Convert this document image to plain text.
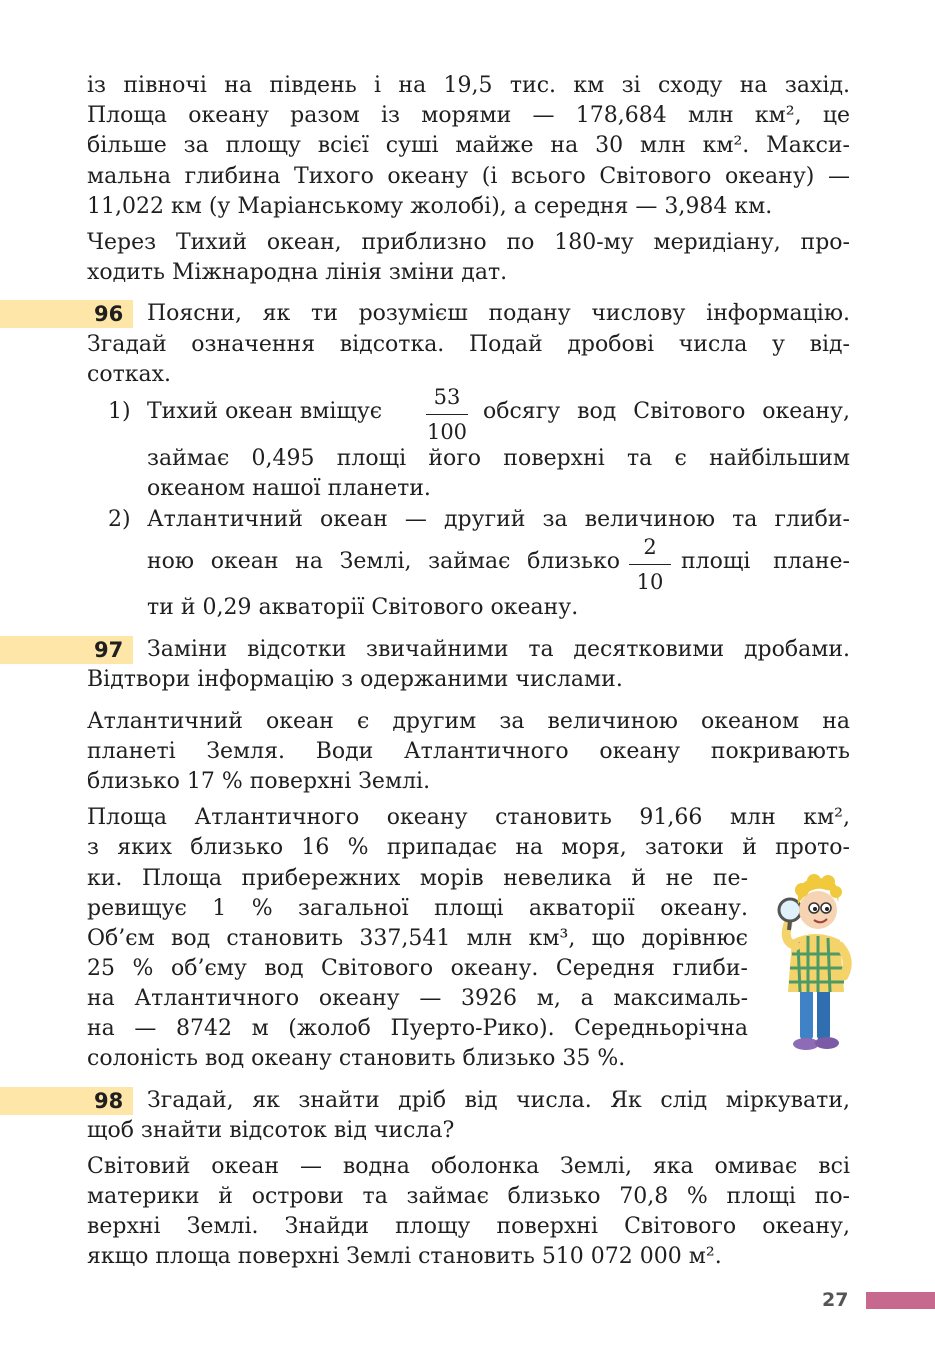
із півночі на південь і на 19,5 тис. км зі сходу на захід.
Площа океану разом із морями — 178,684 млн км², це
більше за площу всієї суші майже на 30 млн км². Макси-
мальна глибина Тихого океану (і всього Світового океану) —
11,022 км (у Маріанському жолобі), а середня — 3,984 км.
Через Тихий океан, приблизно по 180-му меридіану, про-
ходить Міжнародна лінія зміни дат.
96	Поясни, як ти розумієш подану числову інформацію.
Згадай означення відсотка. Подай дробові числа у від-
сотках.
1) Тихий океан вміщує
53
100
обсягу вод Світового океану,
займає 0,495 площі його поверхні та є найбільшим
океаном нашої планети.
2) Атлантичний океан — другий за величиною та глиби-
ною океан на Землі, займає близько
2
10
площі плане-
ти й 0,29 акваторії Світового океану.
97	Заміни відсотки звичайними та десятковими дробами.
Відтвори інформацію з одержаними числами.
Атлантичний океан є другим за величиною океаном на
планеті Земля. Води Атлантичного океану покривають
близько 17 % поверхні Землі.
Площа Атлантичного океану становить 91,66 млн км²,
з яких близько 16 % припадає на моря, затоки й прото-
ки. Площа прибережних морів невелика й не пе-
ревищує 1 % загальної площі акваторії океану.
Об’єм вод становить 337,541 млн км³, що дорівнює
25 % об’єму вод Світового океану. Середня глиби-
на Атлантичного океану — 3926 м, а максималь-
на — 8742 м (жолоб Пуерто-Рико). Середньорічна
солоність вод океану становить близько 35 %.
98	Згадай, як знайти дріб від числа. Як слід міркувати,
щоб знайти відсоток від числа?
Світовий океан — водна оболонка Землі, яка омиває всі
материки й острови та займає близько 70,8 % площі по-
верхні Землі. Знайди площу поверхні Світового океану,
якщо площа поверхні Землі становить 510 072 000 м².
27
